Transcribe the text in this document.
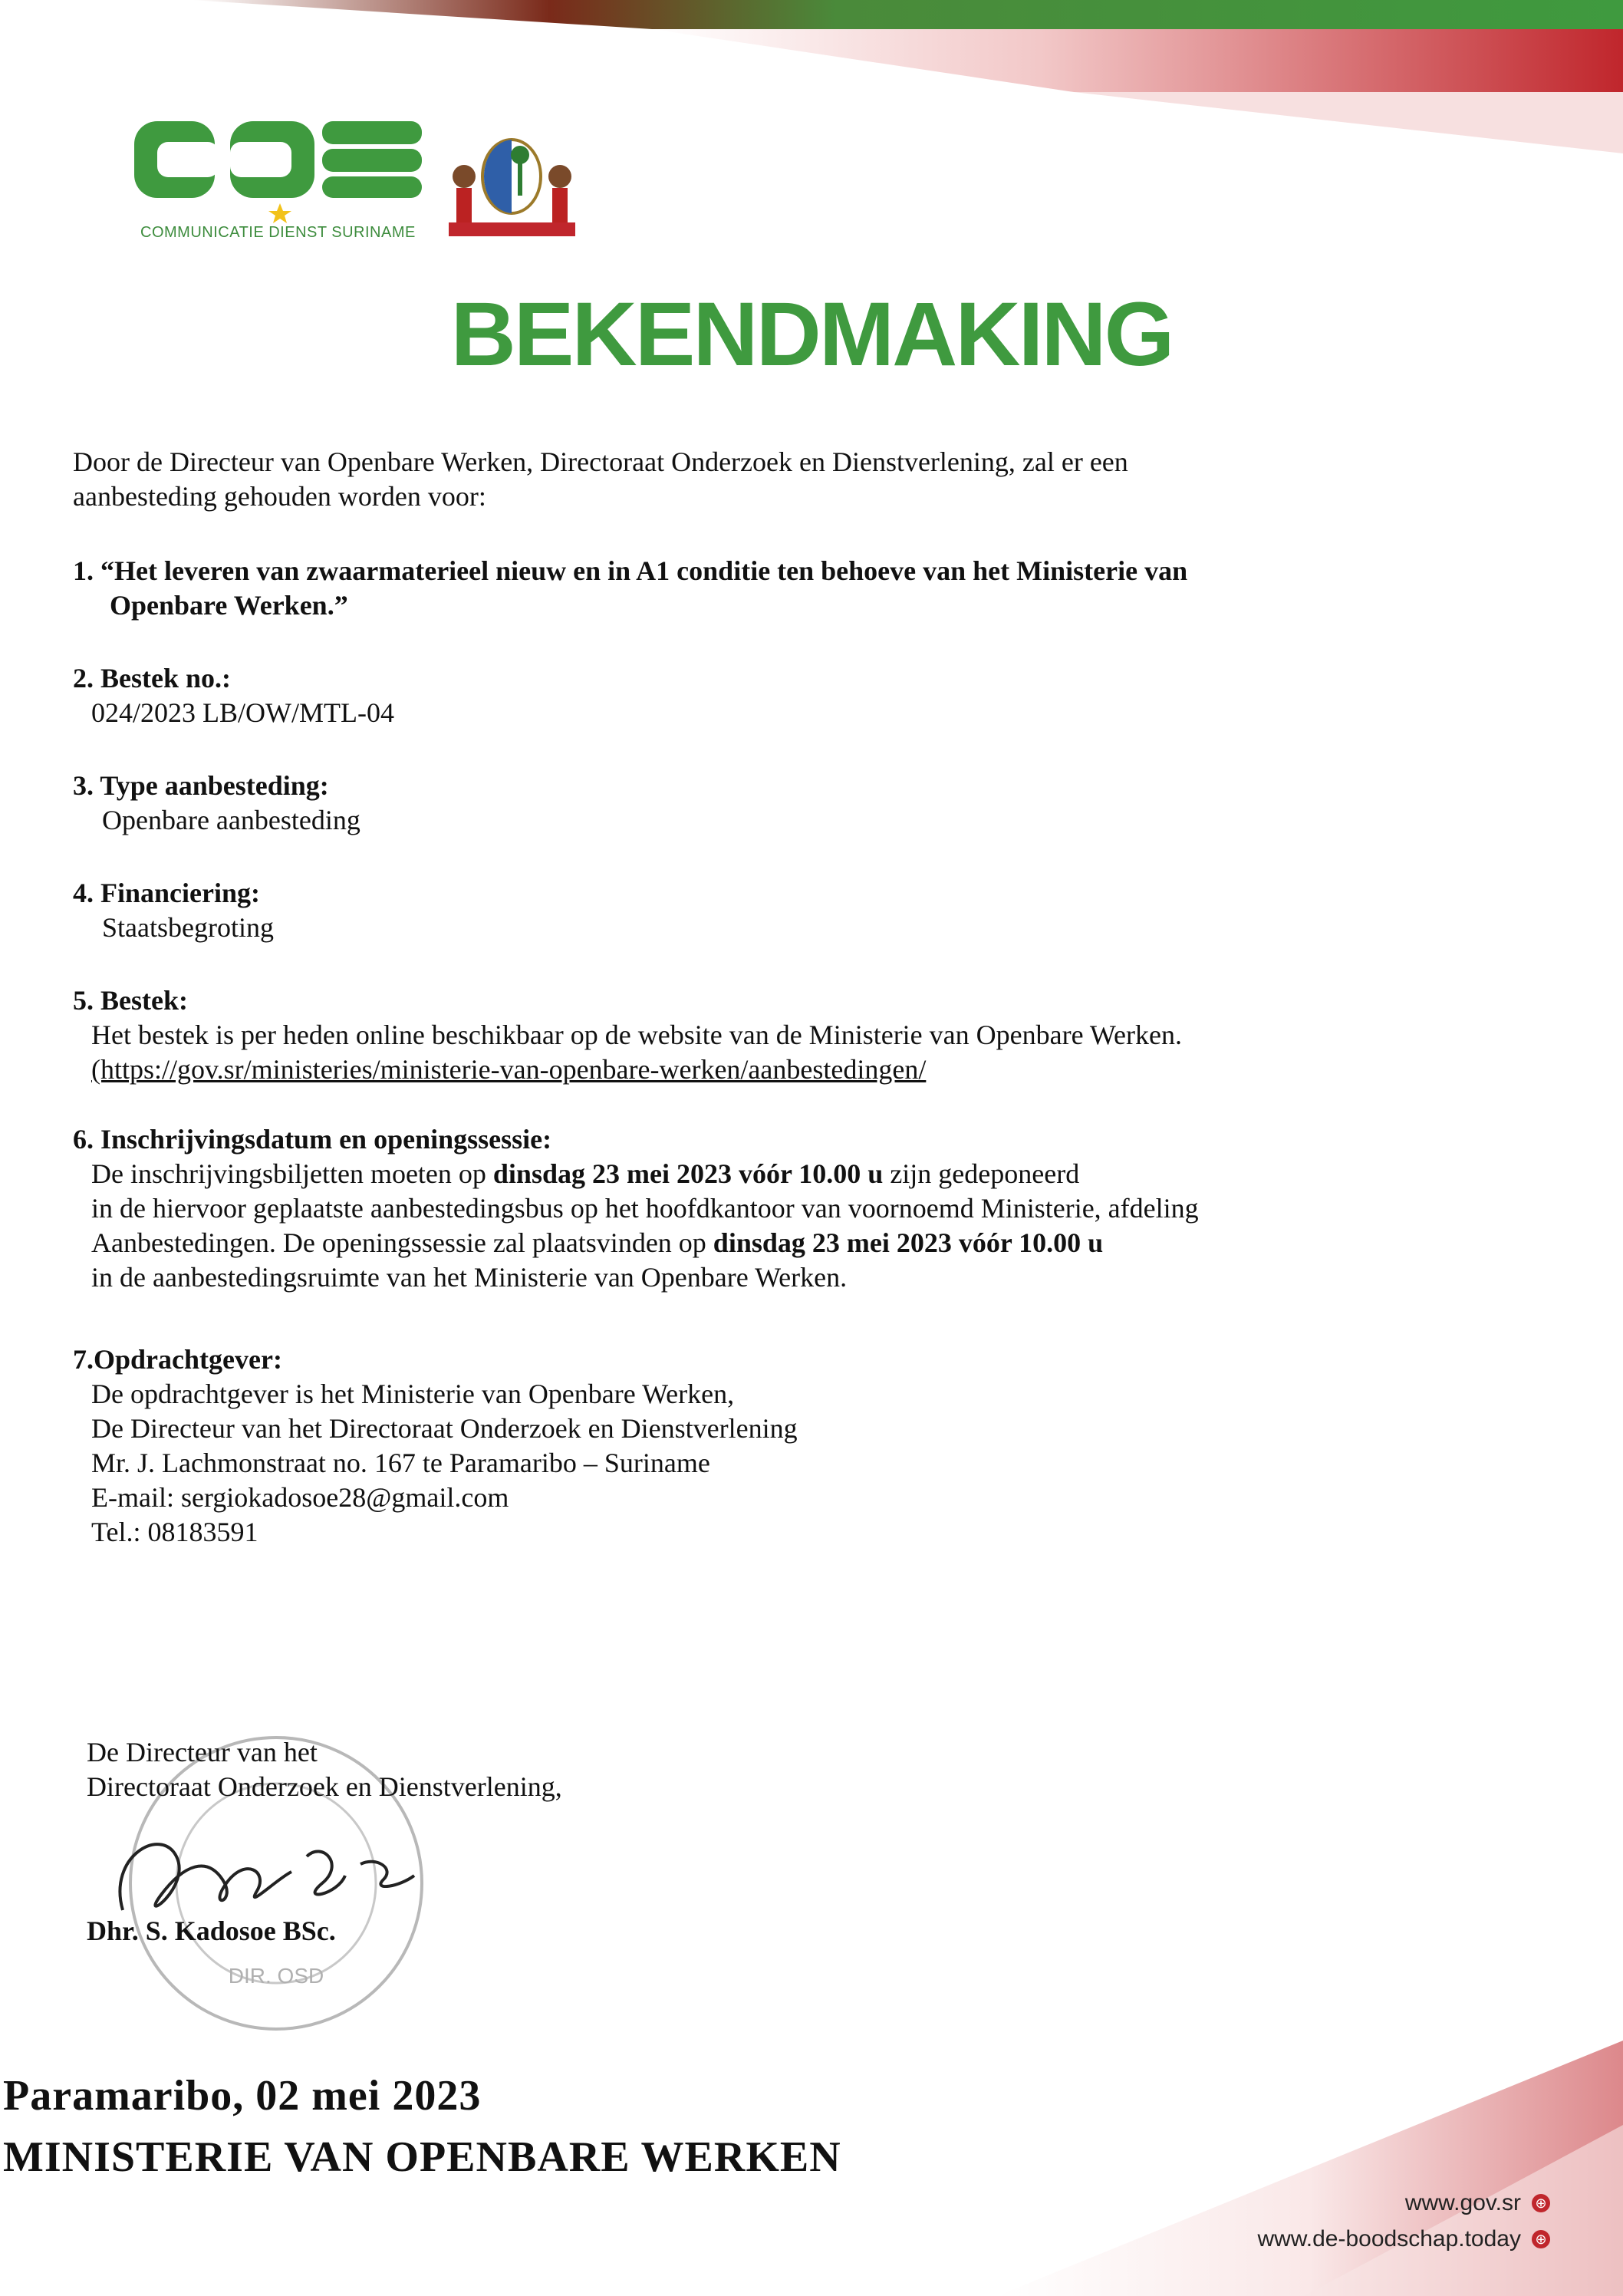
COMMUNICATIE DIENST SURINAME
BEKENDMAKING
Door de Directeur van Openbare Werken, Directoraat Onderzoek en Dienstverlening, zal er een
aanbesteding gehouden worden voor:
1. “Het leveren van zwaarmaterieel nieuw en in A1 conditie ten behoeve van het Ministerie van
Openbare Werken.”
2. Bestek no.:
024/2023 LB/OW/MTL-04
3. Type aanbesteding:
Openbare aanbesteding
4. Financiering:
Staatsbegroting
5. Bestek:
Het bestek is per heden online beschikbaar op de website van de Ministerie van Openbare Werken.
(https://gov.sr/ministeries/ministerie-van-openbare-werken/aanbestedingen/
6. Inschrijvingsdatum en openingssessie:
De inschrijvingsbiljetten moeten op dinsdag 23 mei 2023 vóór 10.00 u zijn gedeponeerd
in de hiervoor geplaatste aanbestedingsbus op het hoofdkantoor van voornoemd Ministerie, afdeling
Aanbestedingen. De openingssessie zal plaatsvinden op dinsdag 23 mei 2023 vóór 10.00 u
in de aanbestedingsruimte van het Ministerie van Openbare Werken.
7.Opdrachtgever:
De opdrachtgever is het Ministerie van Openbare Werken,
De Directeur van het Directoraat Onderzoek en Dienstverlening
Mr. J. Lachmonstraat no. 167 te Paramaribo – Suriname
E-mail: sergiokadosoe28@gmail.com
Tel.: 08183591
DIR. OSD
De Directeur van het
Directoraat Onderzoek en Dienstverlening,
Dhr. S. Kadosoe BSc.
Paramaribo, 02 mei 2023
MINISTERIE VAN OPENBARE WERKEN
www.gov.sr ⊕
www.de-boodschap.today ⊕
